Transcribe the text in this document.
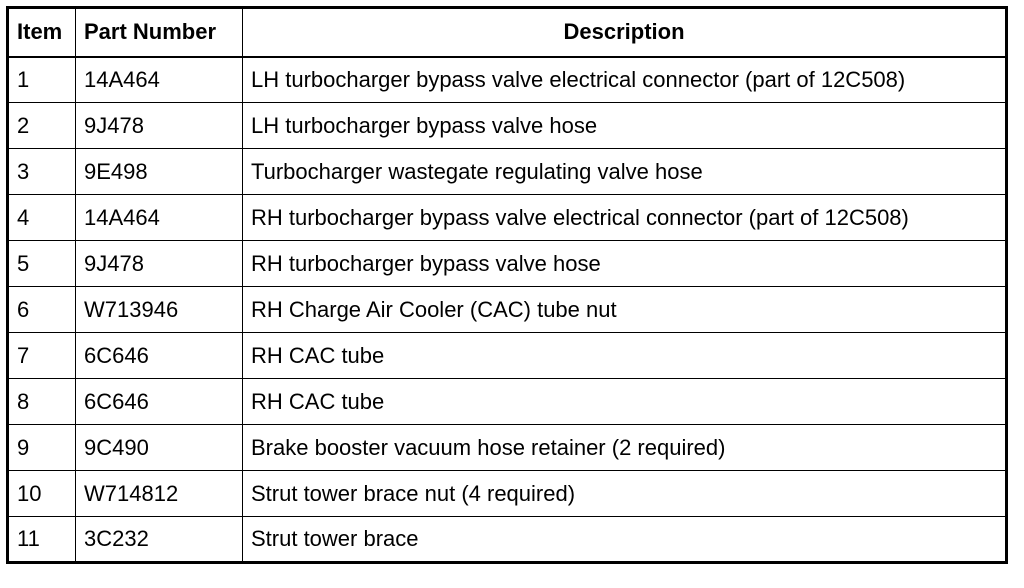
Item	Part Number	Description
1	14A464	LH turbocharger bypass valve electrical connector (part of 12C508)
2	9J478	LH turbocharger bypass valve hose
3	9E498	Turbocharger wastegate regulating valve hose
4	14A464	RH turbocharger bypass valve electrical connector (part of 12C508)
5	9J478	RH turbocharger bypass valve hose
6	W713946	RH Charge Air Cooler (CAC) tube nut
7	6C646	RH CAC tube
8	6C646	RH CAC tube
9	9C490	Brake booster vacuum hose retainer (2 required)
10	W714812	Strut tower brace nut (4 required)
11	3C232	Strut tower brace
